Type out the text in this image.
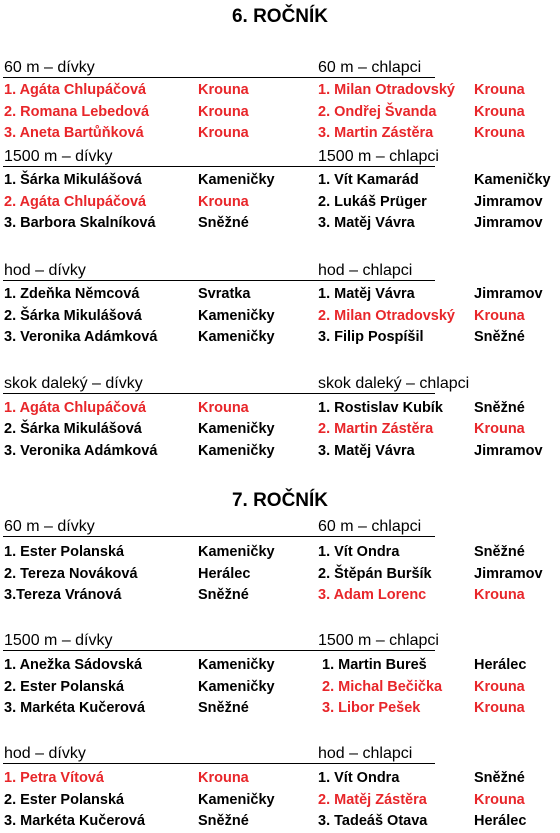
6. ROČNÍK
60 m – dívky	60 m – chlapci
1. Agáta Chlupáčová	Krouna	1. Milan Otradovský Krouna
2. Romana Lebedová	Krouna	2. Ondřej Švanda	Krouna
3. Aneta Bartůňková	Krouna	3. Martin Zástěra	Krouna
1500 m – dívky	1500 m – chlapci
1. Šárka Mikulášová	Kameničky	1. Vít Kamarád	Kameničky
2. Agáta Chlupáčová	Krouna	2. Lukáš Prüger	Jimramov
3. Barbora Skalníková	Sněžné	3. Matěj Vávra	Jimramov
hod – dívky	hod – chlapci
1. Zdeňka Němcová	Svratka	1. Matěj Vávra	Jimramov
2. Šárka Mikulášová	Kameničky	2. Milan Otradovský Krouna
3. Veronika Adámková	Kameničky	3. Filip Pospíšil	Sněžné
skok daleký – dívky	skok daleký – chlapci
1. Agáta Chlupáčová	Krouna	1. Rostislav Kubík Sněžné
2. Šárka Mikulášová	Kameničky	2. Martin Zástěra	Krouna
3. Veronika Adámková	Kameničky	3. Matěj Vávra	Jimramov
7. ROČNÍK
60 m – dívky	60 m – chlapci
1. Ester Polanská	Kameničky	1. Vít Ondra	Sněžné
2. Tereza Nováková	Herálec	2. Štěpán Buršík	Jimramov
3.Tereza Vránová	Sněžné	3. Adam Lorenc	Krouna
1500 m – dívky	1500 m – chlapci
1. Anežka Sádovská	Kameničky	1. Martin Bureš	Herálec
2. Ester Polanská	Kameničky	2. Michal Bečička Krouna
3. Markéta Kučerová	Sněžné	3. Libor Pešek	Krouna
hod – dívky	hod – chlapci
1. Petra Vítová	Krouna	1. Vít Ondra	Sněžné
2. Ester Polanská	Kameničky	2. Matěj Zástěra	Krouna
3. Markéta Kučerová	Sněžné	3. Tadeáš Otava	Herálec
